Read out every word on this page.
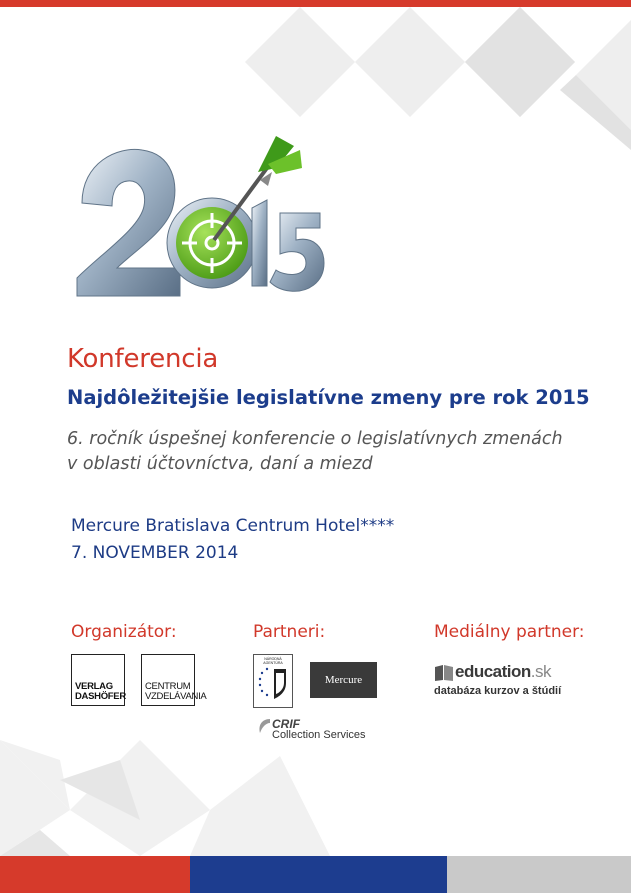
Konferencia
Najdôležitejšie legislatívne zmeny pre rok 2015
6. ročník úspešnej konferencie o legislatívnych zmenách
v oblasti účtovníctva, daní a miezd
Mercure Bratislava Centrum Hotel****
7. NOVEMBER 2014
Organizátor:	Partneri:	Mediálny partner:
VERLAG
DASHÖFER
CENTRUM
VZDELÁVANIA
NÁRODNÁ AGENTÚRA
Mercure
CRIF
Collection Services
education.sk
databáza kurzov a štúdií
